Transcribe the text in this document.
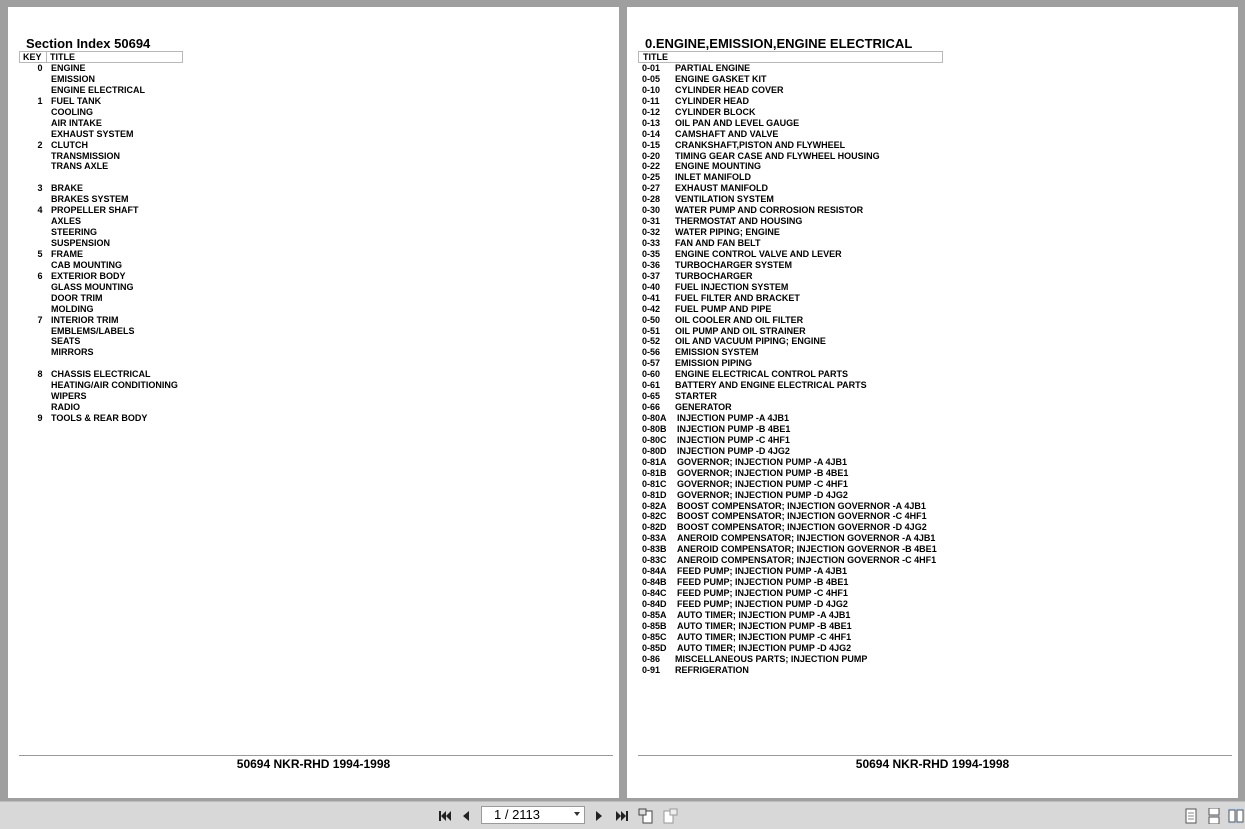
Section Index 50694
KEY TITLE
0 ENGINE
EMISSION
ENGINE ELECTRICAL
1 FUEL TANK
COOLING
AIR INTAKE
EXHAUST SYSTEM
2 CLUTCH
TRANSMISSION
TRANS AXLE
3 BRAKE
BRAKES SYSTEM
4 PROPELLER SHAFT
AXLES
STEERING
SUSPENSION
5 FRAME
CAB MOUNTING
6 EXTERIOR BODY
GLASS MOUNTING
DOOR TRIM
MOLDING
7 INTERIOR TRIM
EMBLEMS/LABELS
SEATS
MIRRORS
8 CHASSIS ELECTRICAL
HEATING/AIR CONDITIONING
WIPERS
RADIO
9 TOOLS & REAR BODY
50694 NKR-RHD 1994-1998
0.ENGINE,EMISSION,ENGINE ELECTRICAL
TITLE
0-01 PARTIAL ENGINE
0-05 ENGINE GASKET KIT
0-10 CYLINDER HEAD COVER
0-11 CYLINDER HEAD
0-12 CYLINDER BLOCK
0-13 OIL PAN AND LEVEL GAUGE
0-14 CAMSHAFT AND VALVE
0-15 CRANKSHAFT,PISTON AND FLYWHEEL
0-20 TIMING GEAR CASE AND FLYWHEEL HOUSING
0-22 ENGINE MOUNTING
0-25 INLET MANIFOLD
0-27 EXHAUST MANIFOLD
0-28 VENTILATION SYSTEM
0-30 WATER PUMP AND CORROSION RESISTOR
0-31 THERMOSTAT AND HOUSING
0-32 WATER PIPING; ENGINE
0-33 FAN AND FAN BELT
0-35 ENGINE CONTROL VALVE AND LEVER
0-36 TURBOCHARGER SYSTEM
0-37 TURBOCHARGER
0-40 FUEL INJECTION SYSTEM
0-41 FUEL FILTER AND BRACKET
0-42 FUEL PUMP AND PIPE
0-50 OIL COOLER AND OIL FILTER
0-51 OIL PUMP AND OIL STRAINER
0-52 OIL AND VACUUM PIPING; ENGINE
0-56 EMISSION SYSTEM
0-57 EMISSION PIPING
0-60 ENGINE ELECTRICAL CONTROL PARTS
0-61 BATTERY AND ENGINE ELECTRICAL PARTS
0-65 STARTER
0-66 GENERATOR
0-80A INJECTION PUMP -A 4JB1
0-80B INJECTION PUMP -B 4BE1
0-80C INJECTION PUMP -C 4HF1
0-80D INJECTION PUMP -D 4JG2
0-81A GOVERNOR; INJECTION PUMP -A 4JB1
0-81B GOVERNOR; INJECTION PUMP -B 4BE1
0-81C GOVERNOR; INJECTION PUMP -C 4HF1
0-81D GOVERNOR; INJECTION PUMP -D 4JG2
0-82A BOOST COMPENSATOR; INJECTION GOVERNOR -A 4JB1
0-82C BOOST COMPENSATOR; INJECTION GOVERNOR -C 4HF1
0-82D BOOST COMPENSATOR; INJECTION GOVERNOR -D 4JG2
0-83A ANEROID COMPENSATOR; INJECTION GOVERNOR -A 4JB1
0-83B ANEROID COMPENSATOR; INJECTION GOVERNOR -B 4BE1
0-83C ANEROID COMPENSATOR; INJECTION GOVERNOR -C 4HF1
0-84A FEED PUMP; INJECTION PUMP -A 4JB1
0-84B FEED PUMP; INJECTION PUMP -B 4BE1
0-84C FEED PUMP; INJECTION PUMP -C 4HF1
0-84D FEED PUMP; INJECTION PUMP -D 4JG2
0-85A AUTO TIMER; INJECTION PUMP -A 4JB1
0-85B AUTO TIMER; INJECTION PUMP -B 4BE1
0-85C AUTO TIMER; INJECTION PUMP -C 4HF1
0-85D AUTO TIMER; INJECTION PUMP -D 4JG2
0-86 MISCELLANEOUS PARTS; INJECTION PUMP
0-91 REFRIGERATION
50694 NKR-RHD 1994-1998
1 / 2113
